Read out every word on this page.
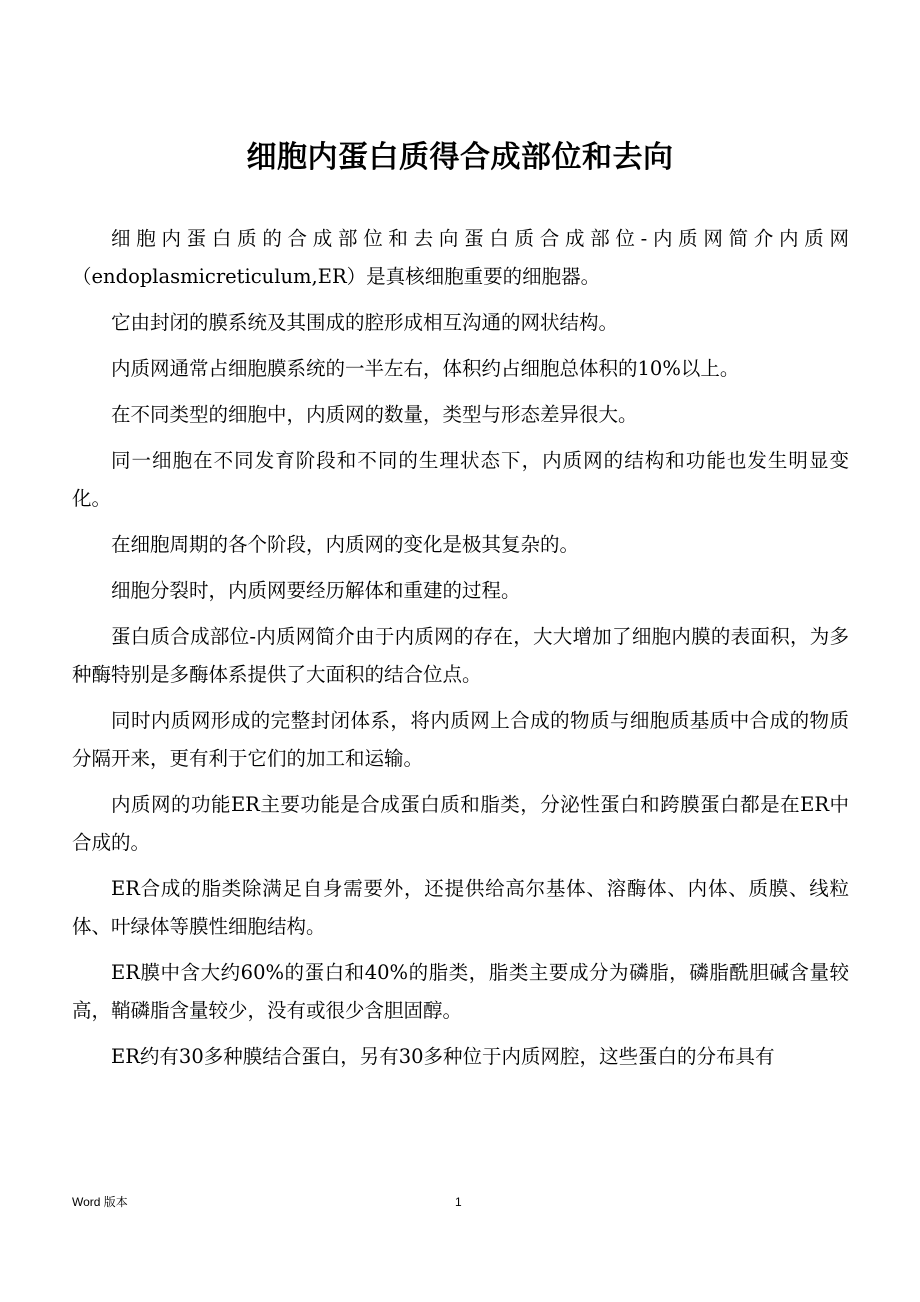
细胞内蛋白质得合成部位和去向

细胞内蛋白质的合成部位和去向蛋白质合成部位-内质网简介内质网（endoplasmicreticulum,ER）是真核细胞重要的细胞器。

它由封闭的膜系统及其围成的腔形成相互沟通的网状结构。

内质网通常占细胞膜系统的一半左右，体积约占细胞总体积的10%以上。

在不同类型的细胞中，内质网的数量，类型与形态差异很大。

同一细胞在不同发育阶段和不同的生理状态下，内质网的结构和功能也发生明显变化。

在细胞周期的各个阶段，内质网的变化是极其复杂的。

细胞分裂时，内质网要经历解体和重建的过程。

蛋白质合成部位-内质网简介由于内质网的存在，大大增加了细胞内膜的表面积，为多种酶特别是多酶体系提供了大面积的结合位点。

同时内质网形成的完整封闭体系，将内质网上合成的物质与细胞质基质中合成的物质分隔开来，更有利于它们的加工和运输。

内质网的功能ER主要功能是合成蛋白质和脂类，分泌性蛋白和跨膜蛋白都是在ER中合成的。

ER合成的脂类除满足自身需要外，还提供给高尔基体、溶酶体、内体、质膜、线粒体、叶绿体等膜性细胞结构。

ER膜中含大约60%的蛋白和40%的脂类，脂类主要成分为磷脂，磷脂酰胆碱含量较高，鞘磷脂含量较少，没有或很少含胆固醇。

ER约有30多种膜结合蛋白，另有30多种位于内质网腔，这些蛋白的分布具有

Word 版本	1
